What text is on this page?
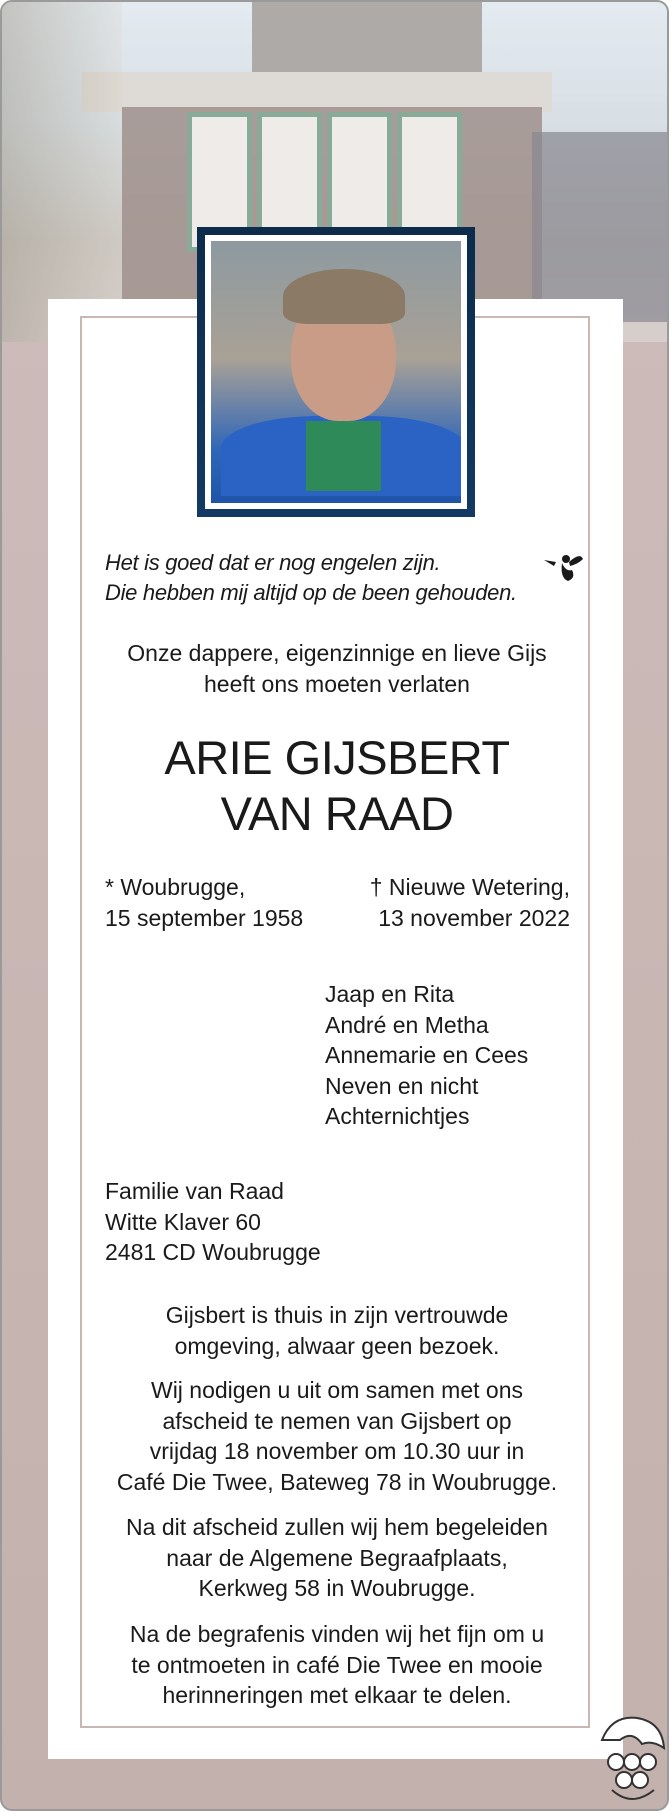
Het is goed dat er nog engelen zijn.
Die hebben mij altijd op de been gehouden.
Onze dappere, eigenzinnige en lieve Gijs
heeft ons moeten verlaten
ARIE GIJSBERT
VAN RAAD
* Woubrugge,
15 september 1958
† Nieuwe Wetering,
13 november 2022
Jaap en Rita
André en Metha
Annemarie en Cees
Neven en nicht
Achternichtjes
Familie van Raad
Witte Klaver 60
2481 CD Woubrugge
Gijsbert is thuis in zijn vertrouwde
omgeving, alwaar geen bezoek.
Wij nodigen u uit om samen met ons
afscheid te nemen van Gijsbert op
vrijdag 18 november om 10.30 uur in
Café Die Twee, Bateweg 78 in Woubrugge.
Na dit afscheid zullen wij hem begeleiden
naar de Algemene Begraafplaats,
Kerkweg 58 in Woubrugge.
Na de begrafenis vinden wij het fijn om u
te ontmoeten in café Die Twee en mooie
herinneringen met elkaar te delen.
